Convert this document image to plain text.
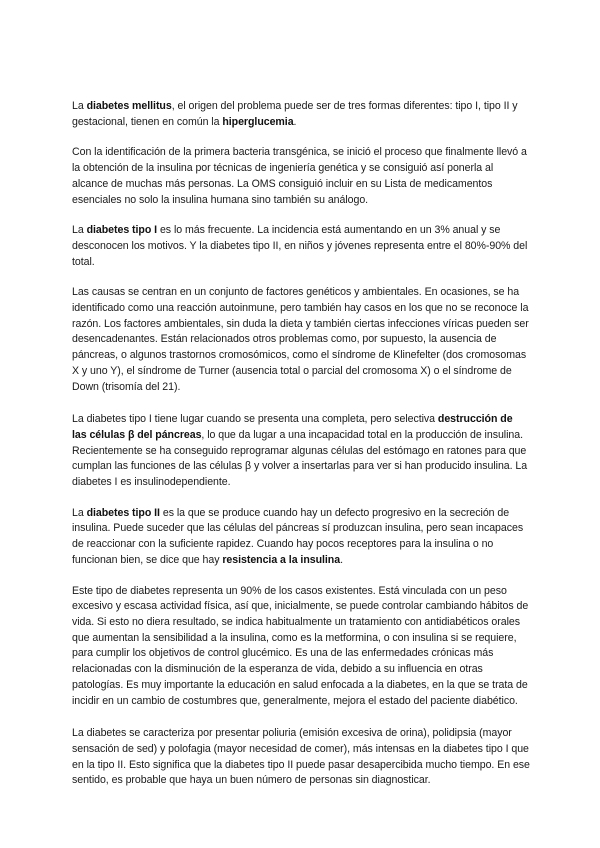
La diabetes mellitus, el origen del problema puede ser de tres formas diferentes: tipo I, tipo II y gestacional, tienen en común la hiperglucemia.

Con la identificación de la primera bacteria transgénica, se inició el proceso que finalmente llevó a la obtención de la insulina por técnicas de ingeniería genética y se consiguió así ponerla al alcance de muchas más personas. La OMS consiguió incluir en su Lista de medicamentos esenciales no solo la insulina humana sino también su análogo.

La diabetes tipo I es lo más frecuente. La incidencia está aumentando en un 3% anual y se desconocen los motivos. Y la diabetes tipo II, en niños y jóvenes representa entre el 80%-90% del total.

Las causas se centran en un conjunto de factores genéticos y ambientales. En ocasiones, se ha identificado como una reacción autoinmune, pero también hay casos en los que no se reconoce la razón. Los factores ambientales, sin duda la dieta y también ciertas infecciones víricas pueden ser desencadenantes. Están relacionados otros problemas como, por supuesto, la ausencia de páncreas, o algunos trastornos cromosómicos, como el síndrome de Klinefelter (dos cromosomas X y uno Y), el síndrome de Turner (ausencia total o parcial del cromosoma X) o el síndrome de Down (trisomía del 21).

La diabetes tipo I tiene lugar cuando se presenta una completa, pero selectiva destrucción de las células β del páncreas, lo que da lugar a una incapacidad total en la producción de insulina. Recientemente se ha conseguido reprogramar algunas células del estómago en ratones para que cumplan las funciones de las células β y volver a insertarlas para ver si han producido insulina. La diabetes I es insulinodependiente.

La diabetes tipo II es la que se produce cuando hay un defecto progresivo en la secreción de insulina. Puede suceder que las células del páncreas sí produzcan insulina, pero sean incapaces de reaccionar con la suficiente rapidez. Cuando hay pocos receptores para la insulina o no funcionan bien, se dice que hay resistencia a la insulina.

Este tipo de diabetes representa un 90% de los casos existentes. Está vinculada con un peso excesivo y escasa actividad física, así que, inicialmente, se puede controlar cambiando hábitos de vida. Si esto no diera resultado, se indica habitualmente un tratamiento con antidiabéticos orales que aumentan la sensibilidad a la insulina, como es la metformina, o con insulina si se requiere, para cumplir los objetivos de control glucémico. Es una de las enfermedades crónicas más relacionadas con la disminución de la esperanza de vida, debido a su influencia en otras patologías. Es muy importante la educación en salud enfocada a la diabetes, en la que se trata de incidir en un cambio de costumbres que, generalmente, mejora el estado del paciente diabético.

La diabetes se caracteriza por presentar poliuria (emisión excesiva de orina), polidipsia (mayor sensación de sed) y polofagia (mayor necesidad de comer), más intensas en la diabetes tipo I que en la tipo II. Esto significa que la diabetes tipo II puede pasar desapercibida mucho tiempo. En ese sentido, es probable que haya un buen número de personas sin diagnosticar.
